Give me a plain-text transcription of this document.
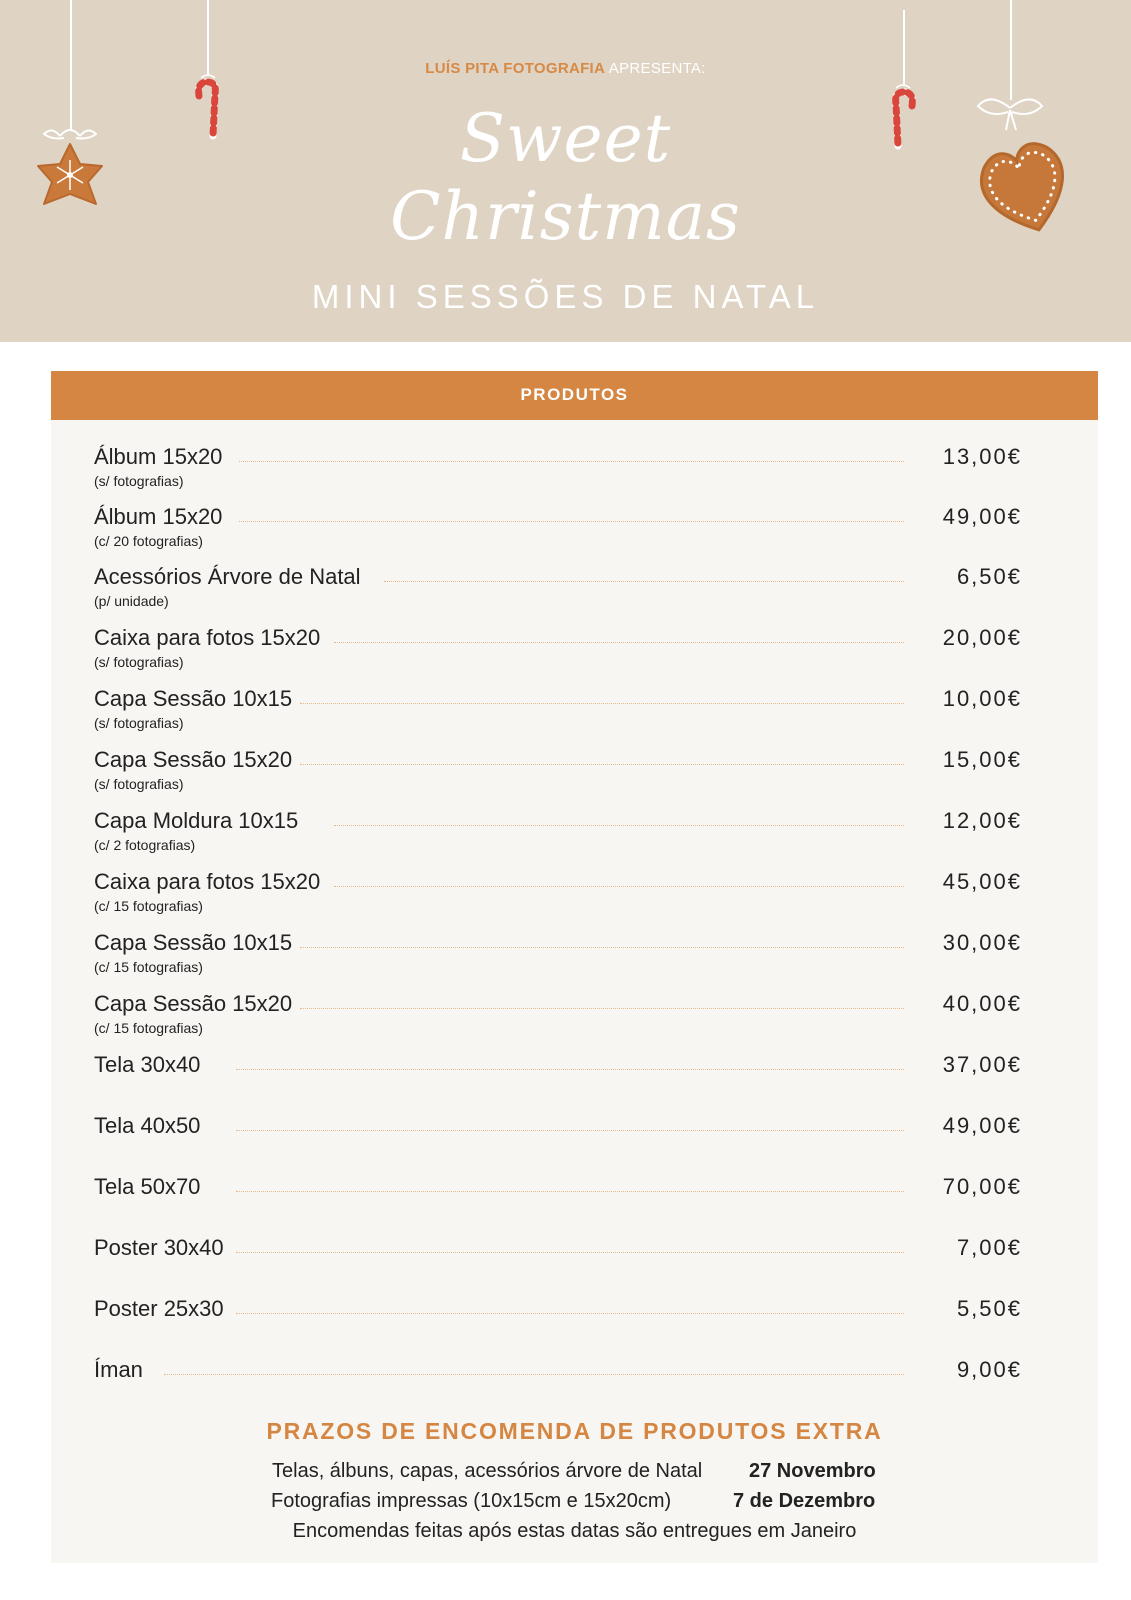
LUÍS PITA FOTOGRAFIA APRESENTA:
Sweet
Christmas
MINI SESSÕES DE NATAL
PRODUTOS
Álbum 15x20
(s/ fotografias)
13,00€
Álbum 15x20
(c/ 20 fotografias)
49,00€
Acessórios Árvore de Natal
(p/ unidade)
6,50€
Caixa para fotos 15x20
(s/ fotografias)
20,00€
Capa Sessão 10x15
(s/ fotografias)
10,00€
Capa Sessão 15x20
(s/ fotografias)
15,00€
Capa Moldura 10x15
(c/ 2 fotografias)
12,00€
Caixa para fotos 15x20
(c/ 15 fotografias)
45,00€
Capa Sessão 10x15
(c/ 15 fotografias)
30,00€
Capa Sessão 15x20
(c/ 15 fotografias)
40,00€
Tela 30x40	37,00€
Tela 40x50	49,00€
Tela 50x70	70,00€
Poster 30x40	7,00€
Poster 25x30	5,50€
Íman	9,00€
PRAZOS DE ENCOMENDA DE PRODUTOS EXTRA
Telas, álbuns, capas, acessórios árvore de Natal 27 Novembro
Fotografias impressas (10x15cm e 15x20cm)	7 de Dezembro
Encomendas feitas após estas datas são entregues em Janeiro
